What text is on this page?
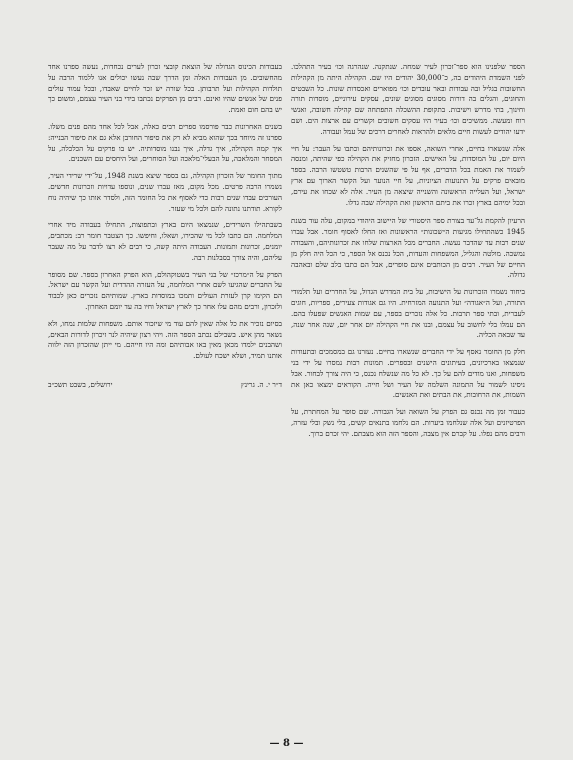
הספר שלפנינו הוא ספר־זכרון לעיר שמחה. שנתקנה. שנהרגה וכו׳ בעיר התהלכו. לפני השמדת היהודים בה, כ־30,000 יהודים היו שם. הקהילה היתה מן הקהילות החשובות בגליל ובה עבודות ובאר עובדים וכו׳ מפוארים ואכסדות שונות. כל השבטים והחוגים, והגלים בה דורות מסוגים מסוגים שונים, עסקים עירוניים, מוסדות תורה וחינוך, בתי מדרש וישיבות. בתקופת ההשכלה התפתחה שם קהילה חשובה, ואנשי רוח ומעשה. ממשיכים וכו׳ בעיר היו עסקים חשובים וקשרים עם ארצות הים. ושם ידעו יהודים לעשות חיים מלאים ולהראות לאחרים דרכים של עמל ועבודה.

אלה שנשארו בחיים, אחרי השואה, אספו את זכרונותיהם וכתבו על העבר: על חיי היום יום, על המוסדות, על האישים. הזכרון מחזיק את הקהילה כפי שהיתה, ומנסה לשמור את האמת בכל הדברים, אף על פי שהשנים הרבות טשטשו הרבה. בספר מובאים פרקים על התנועות הציוניות, על חיי הנוער ועל הקשר הארוך עם ארץ ישראל, ועל העלייה הראשונה והשנייה שיצאה מן העיר. אלה לא שכחו את עירם, ובכל ימיהם בארץ זכרו את ביתם הראשון ואת הקהילה שבה גדלו.

הרעיון להקמת גל־עד בצורת ספר היסטורי של היישוב היהודי במקום, עלה עוד בשנת 1945 כשהתחילו מגיעות ה״שכונות״ הראשונות ואז החלו לאסוף חומר. אבל עברו שנים רבות עד שהדבר נעשה. החברים מכל הארצות שלחו את זכרונותיהם, והעבודה נמשכה. מולטה והגליל, המשפחות והעדות, הכל נכנס אל הספר, כי הכל היה חלק מן החיים של העיר. רבים מן הכותבים אינם סופרים, אבל הם כתבו בלב שלם ובאהבה גדולה.

ביחוד נשמרו הזכרונות על הישיבות, על בית המדרש הגדול, על החדרים ועל תלמודי התורה, ועל ה״אגודה״ ועל התנועה המזרחית. היו גם אגודות צעירים, ספריות, חוגים לעברית, ובתי ספר תרבות. כל אלה נזכרים בספר, עם שמות האנשים שפעלו בהם. הם עמלו בלי לחשוב על עצמם, ובנו את חיי הקהילה יום אחר יום, שנה אחר שנה, עד שבאה הכליה.

חלק מן החומר נאסף על ידי החברים שנשארו בחיים. נעזרנו גם במסמכים ובתעודות שנמצאו בארכיונים, בעיתונים הישנים ובספרים. תמונות רבות נמסרו על ידי בני משפחות, ואנו מודים להם על כך. לא כל מה שנשלח נכנס, כי היה צורך לבחור. אבל ניסינו לשמור על התמונה השלמה של העיר ושל חייה. הקוראים ימצאו כאן את השמות, את הרחובות, את הבתים ואת האנשים.

כעבור זמן מה נכנס גם הפרק על השואה ועל הגבורה. שם סופר על המחתרת, על הפרטיזנים ועל אלה שנלחמו ביערות. הם נלחמו בתנאים קשים, בלי נשק ובלי עזרה, ורבים מהם נפלו. על קברם אין מצבה, והספר הזה הוא מצבתם. יהי זכרם ברוך.

בעבודות הכינוס הגדולה של הוצאת קובצי זכרון לערים נכחדות, נעשה ספרנו אחד מהחשובים. מן העבודות האלה ומן הדרך שבה נעשו יכולים אנו ללמוד הרבה על תולדות הקהילות ועל תרבותן. בכל שורה יש זכר לחיים שאבדו, ובכל עמוד עולים פנים של אנשים שהיו ואינם. רבים מן הפרקים נכתבו בידי בני העיר עצמם, ומשום כך יש בהם חום ואמת.

בשנים האחרונות כבר פורסמו ספרים רבים כאלה, אבל לכל אחד מהם פנים משלו. ספרנו זה מיוחד בכך שהוא מביא לא רק את סיפור החורבן אלא גם את סיפור הבנייה: איך קמה הקהילה, איך גדלה, איך נבנו מוסדותיה. יש בו פרקים על הכלכלה, על המסחר והמלאכה, על הבעלי־מלאכה ועל הסוחרים, ועל היחסים עם השכנים.

מתוך החומר של הזכרון הקהילה, גם בספר שיצא בשנת 1948, על־ידי שרידי העיר, נשמרו הרבה פרטים. מכל מקום, מאז עברו שנים, ונוספו עדויות וזכרונות חדשים. העורכים עבדו שנים רבות כדי לאסוף את כל החומר הזה, ולסדר אותו כך שיהיה נוח לקורא. תודתנו נתונה להם ולכל מי שעזר.

בשבתהילו השרידים, שנמצאו היום בארץ ובתפוצות, התחילו בעבודה מיד אחרי המלחמה. הם כתבו לכל מי שהכירו, ושאלו, וחיפשו. כך הצטבר חומר רב: מכתבים, יומנים, זכרונות ותמונות. העבודה היתה קשה, כי רבים לא רצו לדבר על מה שעבר עליהם, והיה צורך בסבלנות רבה.

הפרק על ה״מרכז״ של בני העיר בשטוקהולם, הוא הפרק האחרון בספר. שם מסופר על החברים שהגיעו לשם אחרי המלחמה, על העזרה ההדדית ועל הקשר עם ישראל. הם הקימו קרן לעזרת העולים ותמכו במוסדות בארץ. שמותיהם נזכרים כאן לכבוד ולזכרון, ורבים מהם עלו אחר כך לארץ ישראל וחיו בה עד יומם האחרון.

בסיום נזכיר את כל אלה שאין להם עוד מי שיזכור אותם. משפחות שלמות נמחו, ולא נשאר מהן איש. בשבילם נכתב הספר הזה. ויהי רצון שיהיה לנר זיכרון לדורות הבאים, ושהבנים ילמדו מכאן מאין באו אבותיהם ומה היו חייהם. מי ייתן שהזכרון הזה ילווה אותנו תמיד, ושלא ישכח לעולם.

ד״ר י. ה. גרינץ
ירושלים, בשבט תשכ״ב
— 8 —
